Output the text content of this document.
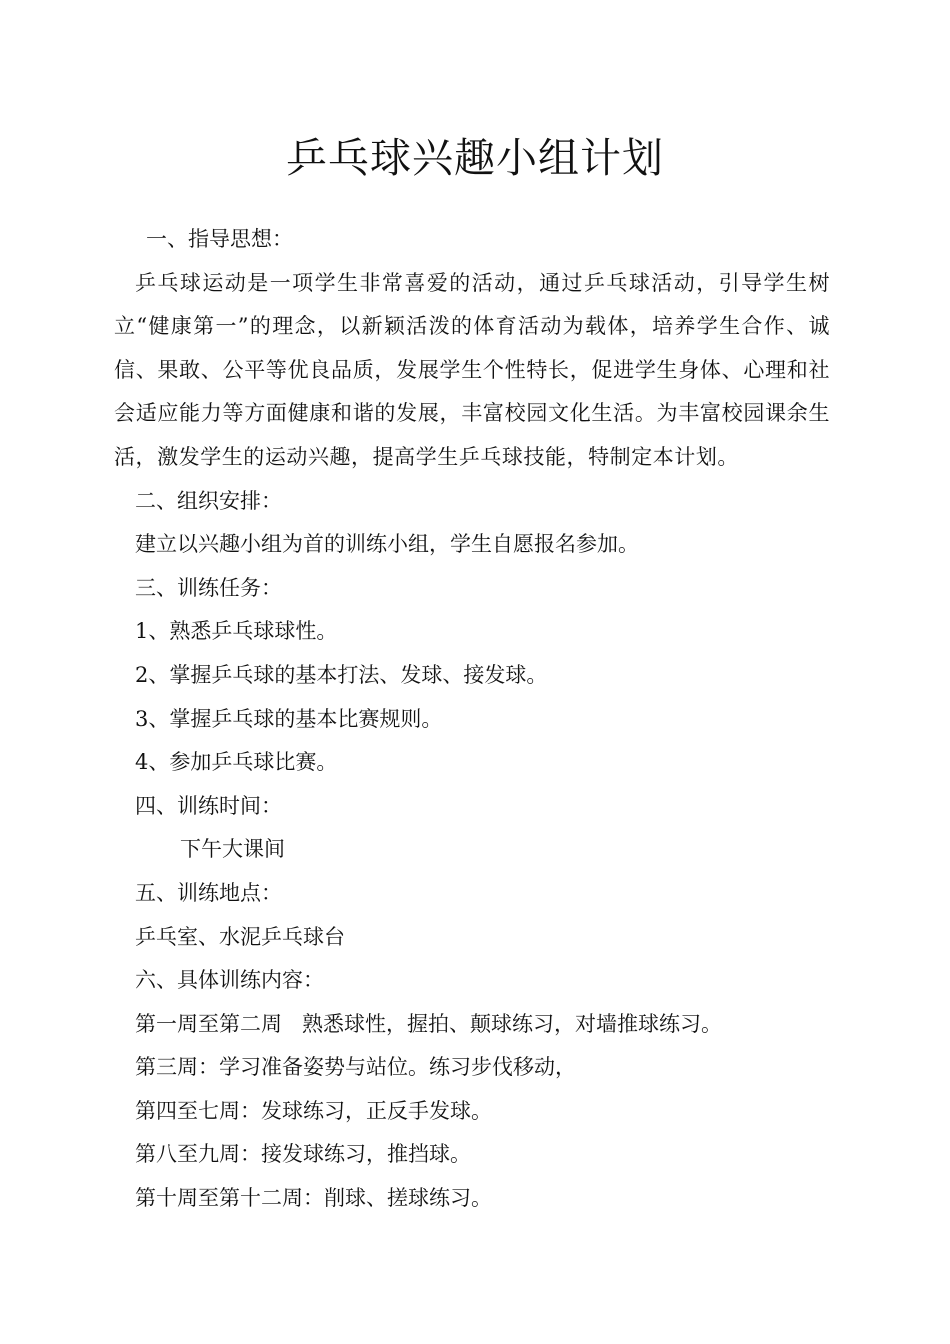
乒乓球兴趣小组计划

一、指导思想：

乒乓球运动是一项学生非常喜爱的活动，通过乒乓球活动，引导学生树立“健康第一”的理念，以新颖活泼的体育活动为载体，培养学生合作、诚信、果敢、公平等优良品质，发展学生个性特长，促进学生身体、心理和社会适应能力等方面健康和谐的发展，丰富校园文化生活。为丰富校园课余生活，激发学生的运动兴趣，提高学生乒乓球技能，特制定本计划。

二、组织安排：

建立以兴趣小组为首的训练小组，学生自愿报名参加。

三、训练任务：

1、熟悉乒乓球球性。

2、掌握乒乓球的基本打法、发球、接发球。

3、掌握乒乓球的基本比赛规则。

4、参加乒乓球比赛。

四、训练时间：

下午大课间

五、训练地点：

乒乓室、水泥乒乓球台

六、具体训练内容：

第一周至第二周   熟悉球性，握拍、颠球练习，对墙推球练习。

第三周：学习准备姿势与站位。练习步伐移动，

第四至七周：发球练习，正反手发球。

第八至九周：接发球练习，推挡球。

第十周至第十二周：削球、搓球练习。
